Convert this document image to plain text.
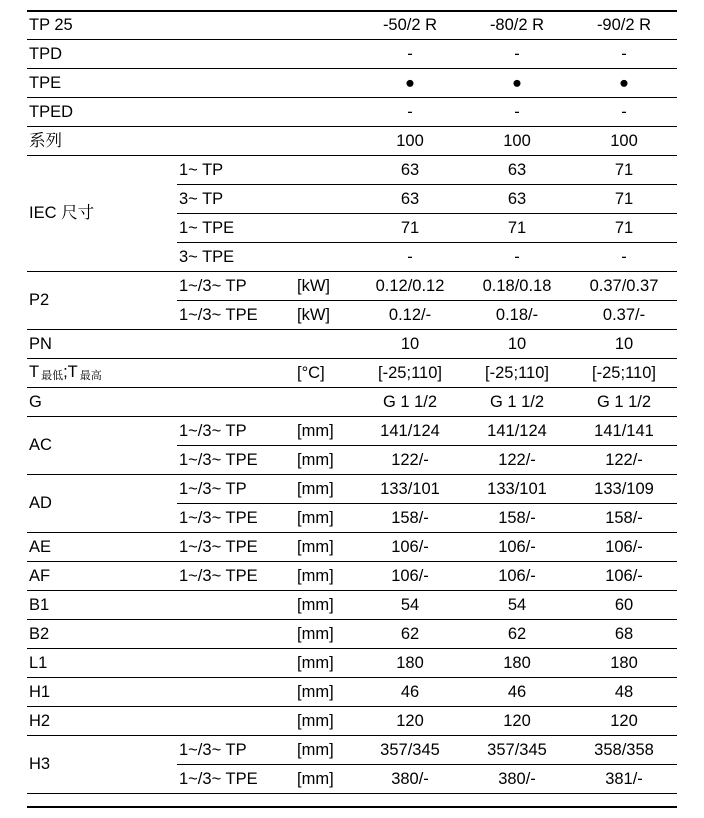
TP 25			-50/2 R	-80/2 R	-90/2 R
TPD			-	-	-
TPE			●	●	●
TPED			-	-	-
系列			100	100	100
IEC 尺寸	1~ TP		63	63	71
	3~ TP		63	63	71
	1~ TPE		71	71	71
	3~ TPE		-	-	-
P2	1~/3~ TP	[kW]	0.12/0.12	0.18/0.18	0.37/0.37
	1~/3~ TPE	[kW]	0.12/-	0.18/-	0.37/-
PN			10	10	10
T $_{最低}$;T $_{最高}$		[°C]	[-25;110]	[-25;110]	[-25;110]
G			G 1 1/2	G 1 1/2	G 1 1/2
AC	1~/3~ TP	[mm]	141/124	141/124	141/141
	1~/3~ TPE	[mm]	122/-	122/-	122/-
AD	1~/3~ TP	[mm]	133/101	133/101	133/109
	1~/3~ TPE	[mm]	158/-	158/-	158/-
AE	1~/3~ TPE	[mm]	106/-	106/-	106/-
AF	1~/3~ TPE	[mm]	106/-	106/-	106/-
B1		[mm]	54	54	60
B2		[mm]	62	62	68
L1		[mm]	180	180	180
H1		[mm]	46	46	48
H2		[mm]	120	120	120
H3	1~/3~ TP	[mm]	357/345	357/345	358/358
	1~/3~ TPE	[mm]	380/-	380/-	381/-
